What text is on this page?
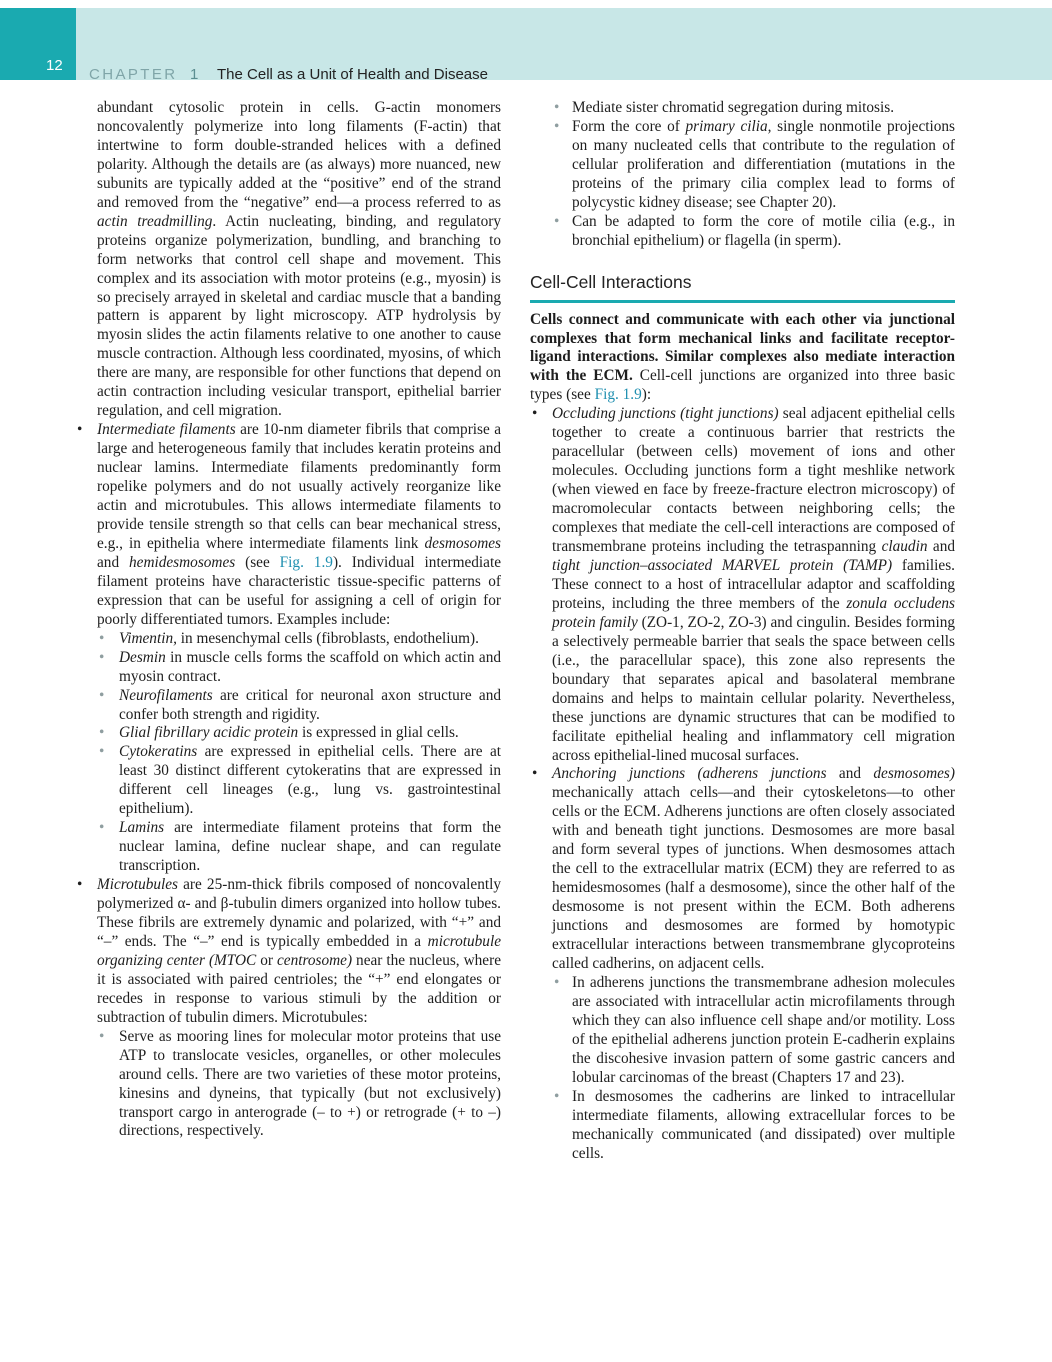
12
CHAPTER 1 The Cell as a Unit of Health and Disease

abundant cytosolic protein in cells. G-actin monomers noncovalently polymerize into long filaments (F-actin) that intertwine to form double-stranded helices with a defined polarity. Although the details are (as always) more nuanced, new subunits are typically added at the “positive” end of the strand and removed from the “negative” end—a process referred to as actin treadmilling. Actin nucleating, binding, and regulatory proteins organize polymerization, bundling, and branching to form networks that control cell shape and movement. This complex and its association with motor proteins (e.g., myosin) is so precisely arrayed in skeletal and cardiac muscle that a banding pattern is apparent by light microscopy. ATP hydrolysis by myosin slides the actin filaments relative to one another to cause muscle contraction. Although less coordinated, myosins, of which there are many, are responsible for other functions that depend on actin contraction including vesicular transport, epithelial barrier regulation, and cell migration.

• Intermediate filaments are 10-nm diameter fibrils that comprise a large and heterogeneous family that includes keratin proteins and nuclear lamins. Intermediate filaments predominantly form ropelike polymers and do not usually actively reorganize like actin and microtubules. This allows intermediate filaments to provide tensile strength so that cells can bear mechanical stress, e.g., in epithelia where intermediate filaments link desmosomes and hemidesmosomes (see Fig. 1.9). Individual intermediate filament proteins have characteristic tissue-specific patterns of expression that can be useful for assigning a cell of origin for poorly differentiated tumors. Examples include:
• Vimentin, in mesenchymal cells (fibroblasts, endothelium).
• Desmin in muscle cells forms the scaffold on which actin and myosin contract.
• Neurofilaments are critical for neuronal axon structure and confer both strength and rigidity.
• Glial fibrillary acidic protein is expressed in glial cells.
• Cytokeratins are expressed in epithelial cells. There are at least 30 distinct different cytokeratins that are expressed in different cell lineages (e.g., lung vs. gastrointestinal epithelium).
• Lamins are intermediate filament proteins that form the nuclear lamina, define nuclear shape, and can regulate transcription.
• Microtubules are 25-nm-thick fibrils composed of noncovalently polymerized α- and β-tubulin dimers organized into hollow tubes. These fibrils are extremely dynamic and polarized, with “+” and “–” ends. The “–” end is typically embedded in a microtubule organizing center (MTOC or centrosome) near the nucleus, where it is associated with paired centrioles; the “+” end elongates or recedes in response to various stimuli by the addition or subtraction of tubulin dimers. Microtubules:
• Serve as mooring lines for molecular motor proteins that use ATP to translocate vesicles, organelles, or other molecules around cells. There are two varieties of these motor proteins, kinesins and dyneins, that typically (but not exclusively) transport cargo in anterograde (– to +) or retrograde (+ to –) directions, respectively.
• Mediate sister chromatid segregation during mitosis.
• Form the core of primary cilia, single nonmotile projections on many nucleated cells that contribute to the regulation of cellular proliferation and differentiation (mutations in the proteins of the primary cilia complex lead to forms of polycystic kidney disease; see Chapter 20).
• Can be adapted to form the core of motile cilia (e.g., in bronchial epithelium) or flagella (in sperm).
Cell-Cell Interactions

Cells connect and communicate with each other via junctional complexes that form mechanical links and facilitate receptor-ligand interactions. Similar complexes also mediate interaction with the ECM. Cell-cell junctions are organized into three basic types (see Fig. 1.9):

• Occluding junctions (tight junctions) seal adjacent epithelial cells together to create a continuous barrier that restricts the paracellular (between cells) movement of ions and other molecules. Occluding junctions form a tight meshlike network (when viewed en face by freeze-fracture electron microscopy) of macromolecular contacts between neighboring cells; the complexes that mediate the cell-cell interactions are composed of transmembrane proteins including the tetraspanning claudin and tight junction–associated MARVEL protein (TAMP) families. These connect to a host of intracellular adaptor and scaffolding proteins, including the three members of the zonula occludens protein family (ZO-1, ZO-2, ZO-3) and cingulin. Besides forming a selectively permeable barrier that seals the space between cells (i.e., the paracellular space), this zone also represents the boundary that separates apical and basolateral membrane domains and helps to maintain cellular polarity. Nevertheless, these junctions are dynamic structures that can be modified to facilitate epithelial healing and inflammatory cell migration across epithelial-lined mucosal surfaces.
• Anchoring junctions (adherens junctions and desmosomes) mechanically attach cells—and their cytoskeletons—to other cells or the ECM. Adherens junctions are often closely associated with and beneath tight junctions. Desmosomes are more basal and form several types of junctions. When desmosomes attach the cell to the extracellular matrix (ECM) they are referred to as hemidesmosomes (half a desmosome), since the other half of the desmosome is not present within the ECM. Both adherens junctions and desmosomes are formed by homotypic extracellular interactions between transmembrane glycoproteins called cadherins, on adjacent cells.
• In adherens junctions the transmembrane adhesion molecules are associated with intracellular actin microfilaments through which they can also influence cell shape and/or motility. Loss of the epithelial adherens junction protein E-cadherin explains the discohesive invasion pattern of some gastric cancers and lobular carcinomas of the breast (Chapters 17 and 23).
• In desmosomes the cadherins are linked to intracellular intermediate filaments, allowing extracellular forces to be mechanically communicated (and dissipated) over multiple cells.
